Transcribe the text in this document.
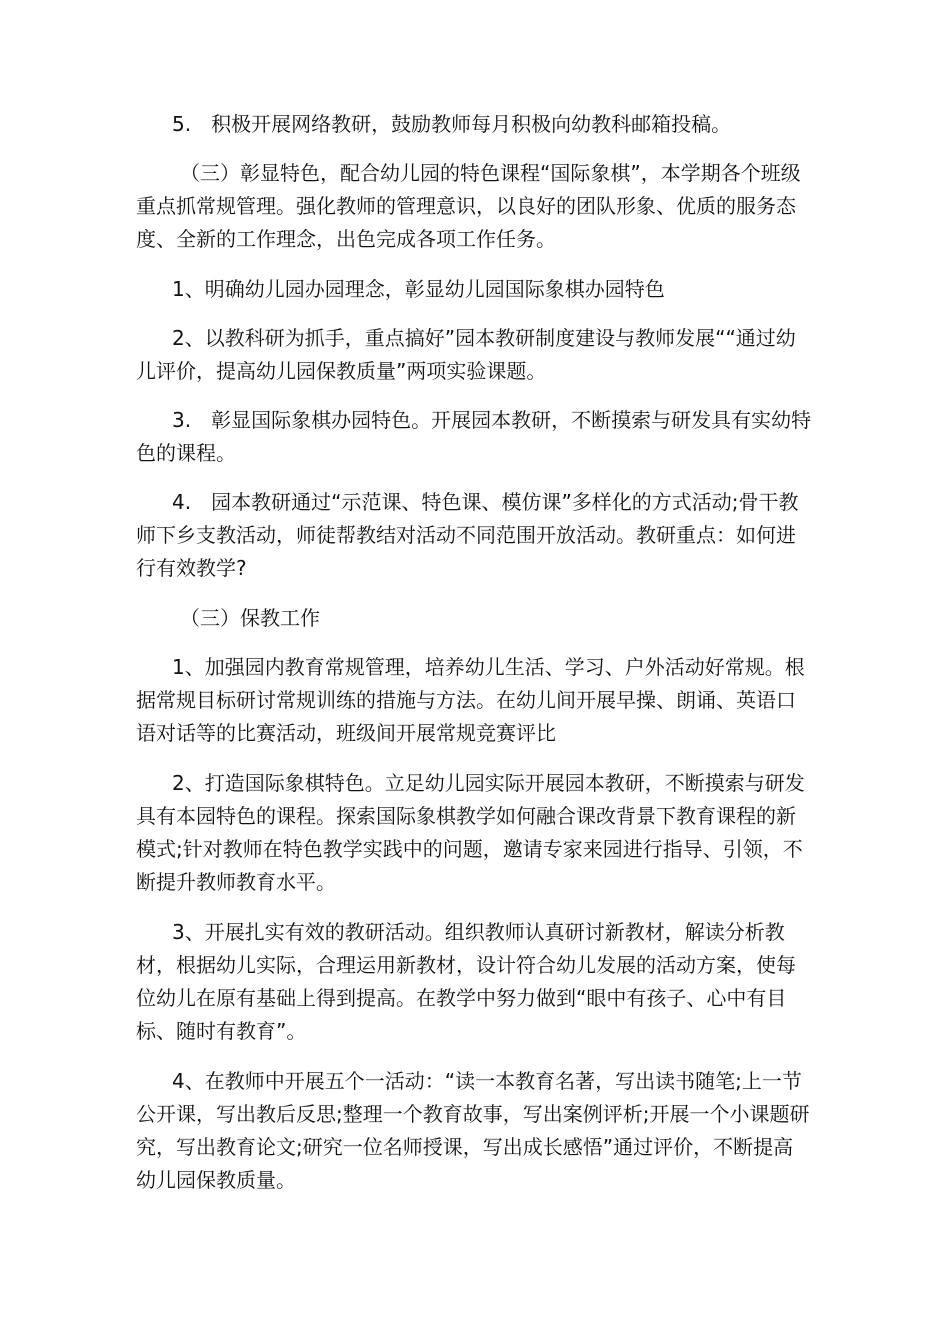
5.　积极开展网络教研，鼓励教师每月积极向幼教科邮箱投稿。

（三）彰显特色，配合幼儿园的特色课程“国际象棋”，本学期各个班级重点抓常规管理。强化教师的管理意识，以良好的团队形象、优质的服务态度、全新的工作理念，出色完成各项工作任务。

1、明确幼儿园办园理念，彰显幼儿园国际象棋办园特色

2、以教科研为抓手，重点搞好”园本教研制度建设与教师发展““通过幼儿评价，提高幼儿园保教质量”两项实验课题。

3.　彰显国际象棋办园特色。开展园本教研，不断摸索与研发具有实幼特色的课程。

4.　园本教研通过“示范课、特色课、模仿课”多样化的方式活动;骨干教师下乡支教活动，师徒帮教结对活动不同范围开放活动。教研重点：如何进行有效教学?

（三）保教工作

1、加强园内教育常规管理，培养幼儿生活、学习、户外活动好常规。根据常规目标研讨常规训练的措施与方法。在幼儿间开展早操、朗诵、英语口语对话等的比赛活动，班级间开展常规竞赛评比

2、打造国际象棋特色。立足幼儿园实际开展园本教研，不断摸索与研发具有本园特色的课程。探索国际象棋教学如何融合课改背景下教育课程的新模式;针对教师在特色教学实践中的问题，邀请专家来园进行指导、引领，不断提升教师教育水平。

3、开展扎实有效的教研活动。组织教师认真研讨新教材，解读分析教材，根据幼儿实际，合理运用新教材，设计符合幼儿发展的活动方案，使每位幼儿在原有基础上得到提高。在教学中努力做到“眼中有孩子、心中有目标、随时有教育”。

4、在教师中开展五个一活动：“读一本教育名著，写出读书随笔;上一节公开课，写出教后反思;整理一个教育故事，写出案例评析;开展一个小课题研究，写出教育论文;研究一位名师授课，写出成长感悟”通过评价，不断提高幼儿园保教质量。
